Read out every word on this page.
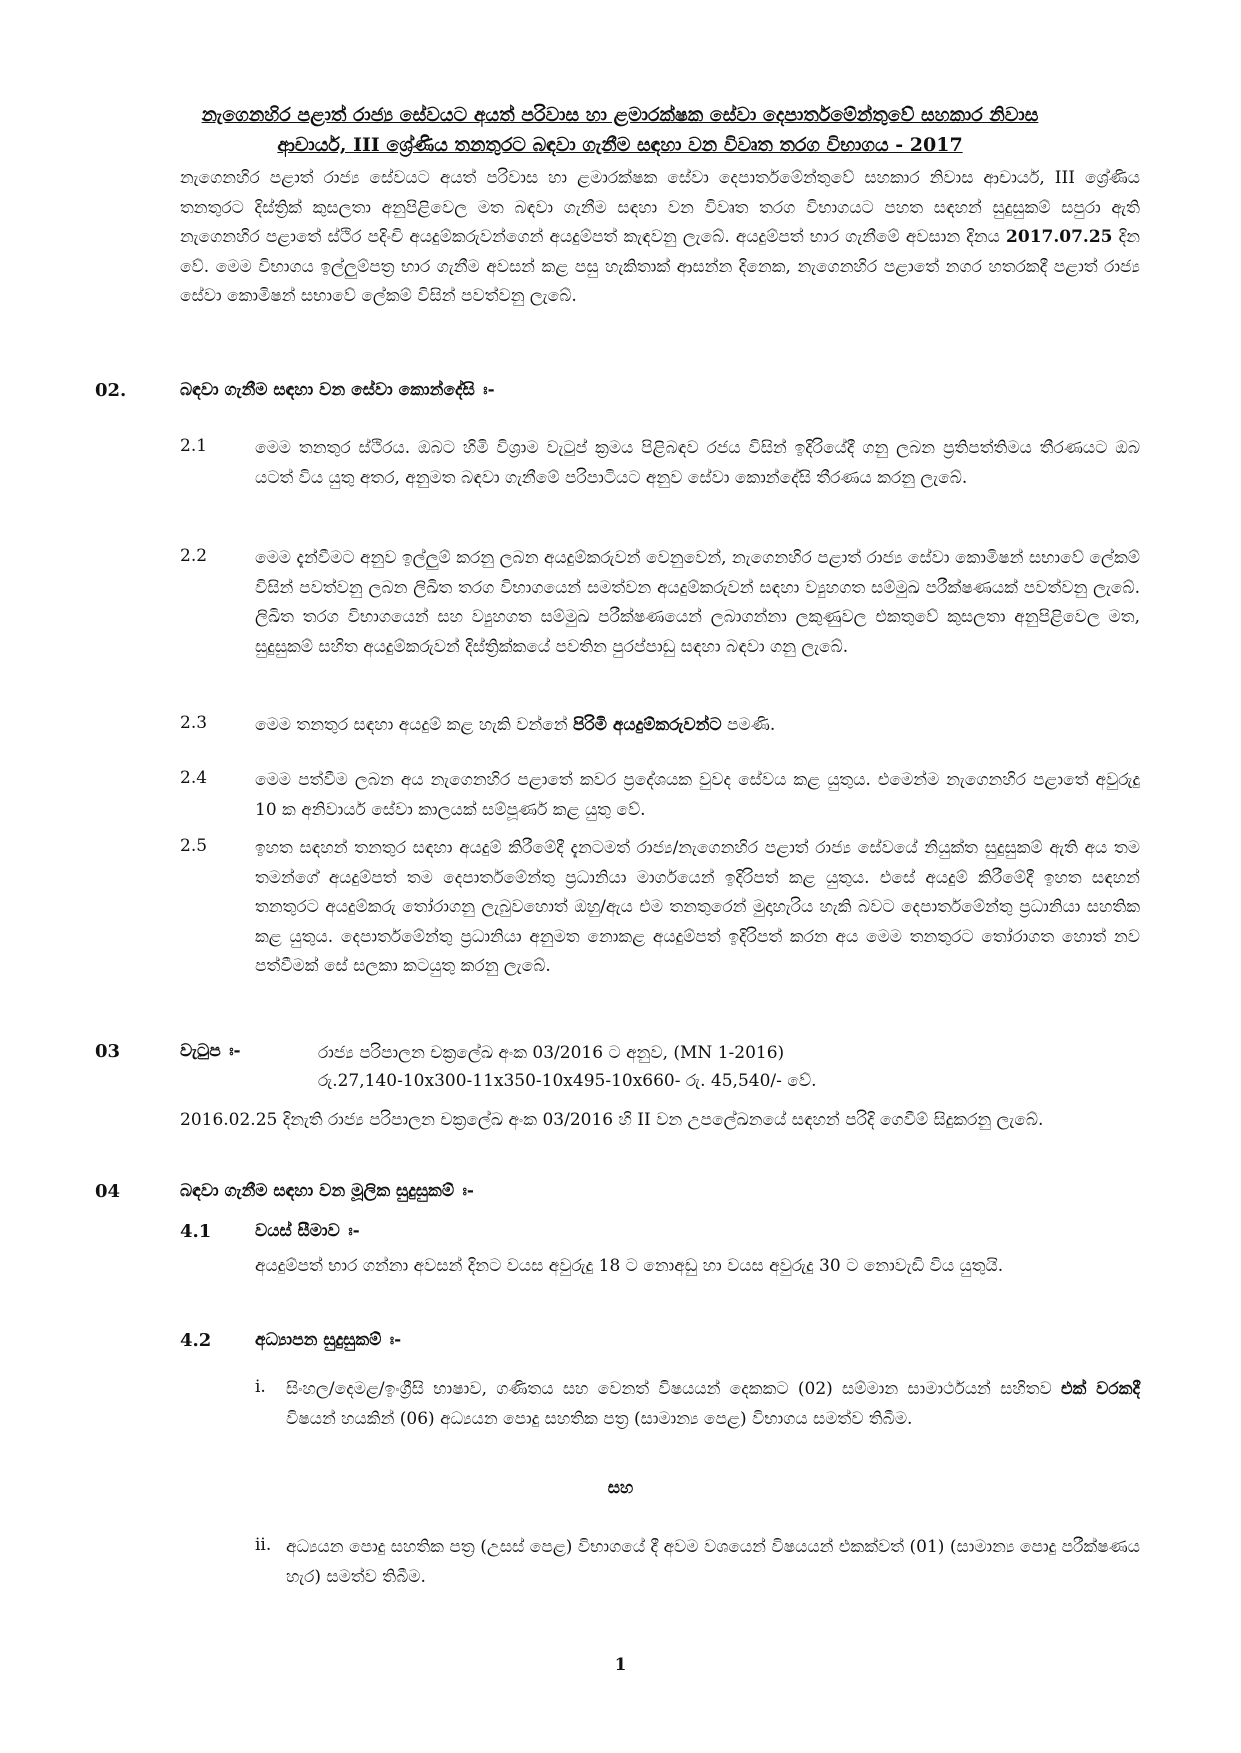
නැගෙනහිර පළාත් රාජ්‍ය සේවයට අයත් පරිවාස හා ළමාරක්ෂක සේවා දෙපාර්තමේන්තුවේ සහකාර නිවාස
ආචාර්ය, III ශ්‍රේණිය තනතුරට බඳවා ගැනීම සඳහා වන විවෘත තරග විභාගය - 2017
නැගෙනහිර පළාත් රාජ්‍ය සේවයට අයත් පරිවාස හා ළමාරක්ෂක සේවා දෙපාර්තමේන්තුවේ සහකාර නිවාස ආචාර්ය, III ශ්‍රේණිය තනතුරට දිස්ත්‍රික් කුසලතා අනුපිළිවෙල මත බඳවා ගැනීම සඳහා වන විවෘත තරග විභාගයට පහත සඳහන් සුදුසුකම් සපුරා ඇති නැගෙනහිර පළාතේ ස්ථිර පදිංචි අයදුම්කරුවන්ගෙන් අයදුම්පත් කැඳවනු ලැබේ. අයදුම්පත් භාර ගැනීමේ අවසාන දිනය 2017.07.25 දින වේ. මෙම විභාගය ඉල්ලුම්පත්‍ර භාර ගැනීම අවසන් කළ පසු හැකිතාක් ආසන්න දිනෙක, නැගෙනහිර පළාතේ නගර හතරකදී පළාත් රාජ්‍ය සේවා කොමිෂන් සභාවේ ලේකම් විසින් පවත්වනු ලැබේ.
02.	බඳවා ගැනීම සඳහා වන සේවා කොන්දේසි ඃ-
2.1	මෙම තනතුර ස්ථිරය. ඔබට හිමි විශ්‍රාම වැටුප් ක්‍රමය පිළිබඳව රජය විසින් ඉදිරියේදී ගනු ලබන ප්‍රතිපත්තිමය තීරණයට ඔබ යටත් විය යුතු අතර, අනුමත බඳවා ගැනීමේ පරිපාටියට අනුව සේවා කොන්දේසි තීරණය කරනු ලැබේ.
2.2	මෙම දැන්වීමට අනුව ඉල්ලුම් කරනු ලබන අයදුම්කරුවන් වෙනුවෙන්, නැගෙනහිර පළාත් රාජ්‍ය සේවා කොමිෂන් සභාවේ ලේකම් විසින් පවත්වනු ලබන ලිඛිත තරග විභාගයෙන් සමත්වන අයදුම්කරුවන් සඳහා ව්‍යුහගත සම්මුඛ පරීක්ෂණයක් පවත්වනු ලැබේ. ලිඛිත තරග විභාගයෙන් සහ ව්‍යුහගත සම්මුඛ පරීක්ෂණයෙන් ලබාගන්නා ලකුණුවල එකතුවේ කුසලතා අනුපිළිවෙල මත, සුදුසුකම් සහිත අයදුම්කරුවන් දිස්ත්‍රික්කයේ පවතින පුරප්පාඩු සඳහා බඳවා ගනු ලැබේ.
2.3	මෙම තනතුර සඳහා අයදුම් කළ හැකි වන්නේ පිරිමි අයදුම්කරුවන්ට පමණි.
2.4	මෙම පත්වීම ලබන අය නැගෙනහිර පළාතේ කවර ප්‍රදේශයක වුවද සේවය කළ යුතුය. එමෙන්ම නැගෙනහිර පළාතේ අවුරුදු 10 ක අනිවාර්ය සේවා කාලයක් සම්පූර්ණ කළ යුතු වේ.
2.5	ඉහත සඳහන් තනතුර සඳහා අයදුම් කිරීමේදී දැනටමත් රාජ්‍ය/නැගෙනහිර පළාත් රාජ්‍ය සේවයේ නියුක්ත සුදුසුකම් ඇති අය තම තමන්ගේ අයදුම්පත් තම දෙපාර්තමේන්තු ප්‍රධානියා මාර්ගයෙන් ඉදිරිපත් කළ යුතුය. එසේ අයදුම් කිරීමේදී ඉහත සඳහන් තනතුරට අයදුම්කරු තෝරාගනු ලැබුවහොත් ඔහු/ඇය එම තනතුරෙන් මුදාහැරිය හැකි බවට දෙපාර්තමේන්තු ප්‍රධානියා සහතික කළ යුතුය. දෙපාර්තමේන්තු ප්‍රධානියා අනුමත නොකළ අයදුම්පත් ඉදිරිපත් කරන අය මෙම තනතුරට තෝරාගත හොත් නව පත්වීමක් සේ සලකා කටයුතු කරනු ලැබේ.
03	වැටුප ඃ-	රාජ්‍ය පරිපාලන චක්‍රලේඛ අංක 03/2016 ට අනුව, (MN 1-2016)
රු.27,140-10x300-11x350-10x495-10x660- රු. 45,540/- වේ.
2016.02.25 දිනැති රාජ්‍ය පරිපාලන චක්‍රලේඛ අංක 03/2016 හි II වන උපලේඛනයේ සඳහන් පරිදි ගෙවීම් සිදුකරනු ලැබේ.
04	බඳවා ගැනීම සඳහා වන මූලික සුදුසුකම් ඃ-
4.1	වයස් සීමාව ඃ-
අයදුම්පත් භාර ගන්නා අවසන් දිනට වයස අවුරුදු 18 ට නොඅඩු හා වයස අවුරුදු 30 ට නොවැඩි විය යුතුයි.
4.2	අධ්‍යාපන සුදුසුකම් ඃ-
i. සිංහල/දෙමළ/ඉංග්‍රීසි භාෂාව, ගණිතය සහ වෙනත් විෂයයන් දෙකකට (02) සම්මාන සාමාර්ථයන් සහිතව එක් වරකදී විෂයන් හයකින් (06) අධ්‍යයන පොදු සහතික පත්‍ර (සාමාන්‍ය පෙළ) විභාගය සමත්ව තිබීම.
සහ
ii. අධ්‍යයන පොදු සහතික පත්‍ර (උසස් පෙළ) විභාගයේ දී අවම වශයෙන් විෂයයන් එකක්වත් (01) (සාමාන්‍ය පොදු පරීක්ෂණය හැර) සමත්ව තිබීම.
1
